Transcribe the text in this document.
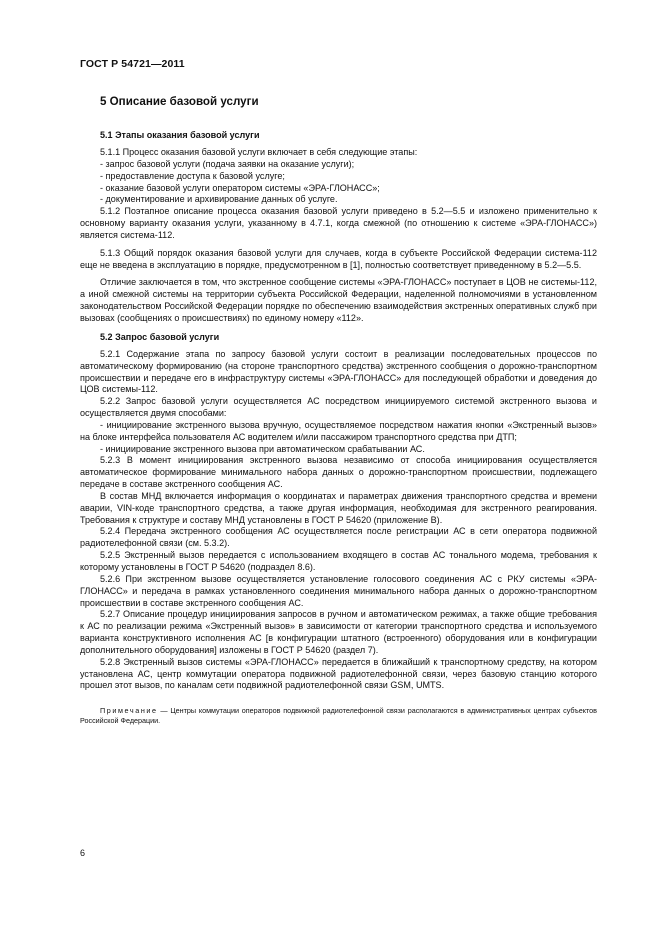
ГОСТ Р 54721—2011

5 Описание базовой услуги

5.1 Этапы оказания базовой услуги

5.1.1 Процесс оказания базовой услуги включает в себя следующие этапы:

- запрос базовой услуги (подача заявки на оказание услуги);

- предоставление доступа к базовой услуге;

- оказание базовой услуги оператором системы «ЭРА-ГЛОНАСС»;

- документирование и архивирование данных об услуге.

5.1.2 Поэтапное описание процесса оказания базовой услуги приведено в 5.2—5.5 и изложено применительно к основному варианту оказания услуги, указанному в 4.7.1, когда смежной (по отношению к системе «ЭРА-ГЛОНАСС») является система-112.

5.1.3 Общий порядок оказания базовой услуги для случаев, когда в субъекте Российской Федерации система-112 еще не введена в эксплуатацию в порядке, предусмотренном в [1], полностью соответствует приведенному в 5.2—5.5.

Отличие заключается в том, что экстренное сообщение системы «ЭРА-ГЛОНАСС» поступает в ЦОВ не системы-112, а иной смежной системы на территории субъекта Российской Федерации, наделенной полномочиями в установленном законодательством Российской Федерации порядке по обеспечению взаимодействия экстренных оперативных служб при вызовах (сообщениях о происшествиях) по единому номеру «112».

5.2 Запрос базовой услуги

5.2.1 Содержание этапа по запросу базовой услуги состоит в реализации последовательных процессов по автоматическому формированию (на стороне транспортного средства) экстренного сообщения о дорожно-транспортном происшествии и передаче его в инфраструктуру системы «ЭРА-ГЛОНАСС» для последующей обработки и доведения до ЦОВ системы-112.

5.2.2 Запрос базовой услуги осуществляется АС посредством инициируемого системой экстренного вызова и осуществляется двумя способами:

- инициирование экстренного вызова вручную, осуществляемое посредством нажатия кнопки «Экстренный вызов» на блоке интерфейса пользователя АС водителем и/или пассажиром транспортного средства при ДТП;

- инициирование экстренного вызова при автоматическом срабатывании АС.

5.2.3 В момент инициирования экстренного вызова независимо от способа инициирования осуществляется автоматическое формирование минимального набора данных о дорожно-транспортном происшествии, подлежащего передаче в составе экстренного сообщения АС.

В состав МНД включается информация о координатах и параметрах движения транспортного средства и времени аварии, VIN-коде транспортного средства, а также другая информация, необходимая для экстренного реагирования. Требования к структуре и составу МНД установлены в ГОСТ Р 54620 (приложение В).

5.2.4 Передача экстренного сообщения АС осуществляется после регистрации АС в сети оператора подвижной радиотелефонной связи (см. 5.3.2).

5.2.5 Экстренный вызов передается с использованием входящего в состав АС тонального модема, требования к которому установлены в ГОСТ Р 54620 (подраздел 8.6).

5.2.6 При экстренном вызове осуществляется установление голосового соединения АС с РКУ системы «ЭРА-ГЛОНАСС» и передача в рамках установленного соединения минимального набора данных о дорожно-транспортном происшествии в составе экстренного сообщения АС.

5.2.7 Описание процедур инициирования запросов в ручном и автоматическом режимах, а также общие требования к АС по реализации режима «Экстренный вызов» в зависимости от категории транспортного средства и используемого варианта конструктивного исполнения АС [в конфигурации штатного (встроенного) оборудования или в конфигурации дополнительного оборудования] изложены в ГОСТ Р 54620 (раздел 7).

5.2.8 Экстренный вызов системы «ЭРА-ГЛОНАСС» передается в ближайший к транспортному средству, на котором установлена АС, центр коммутации оператора подвижной радиотелефонной связи, через базовую станцию которого прошел этот вызов, по каналам сети подвижной радиотелефонной связи GSM, UMTS.

Примечание — Центры коммутации операторов подвижной радиотелефонной связи располагаются в административных центрах субъектов Российской Федерации.

6
